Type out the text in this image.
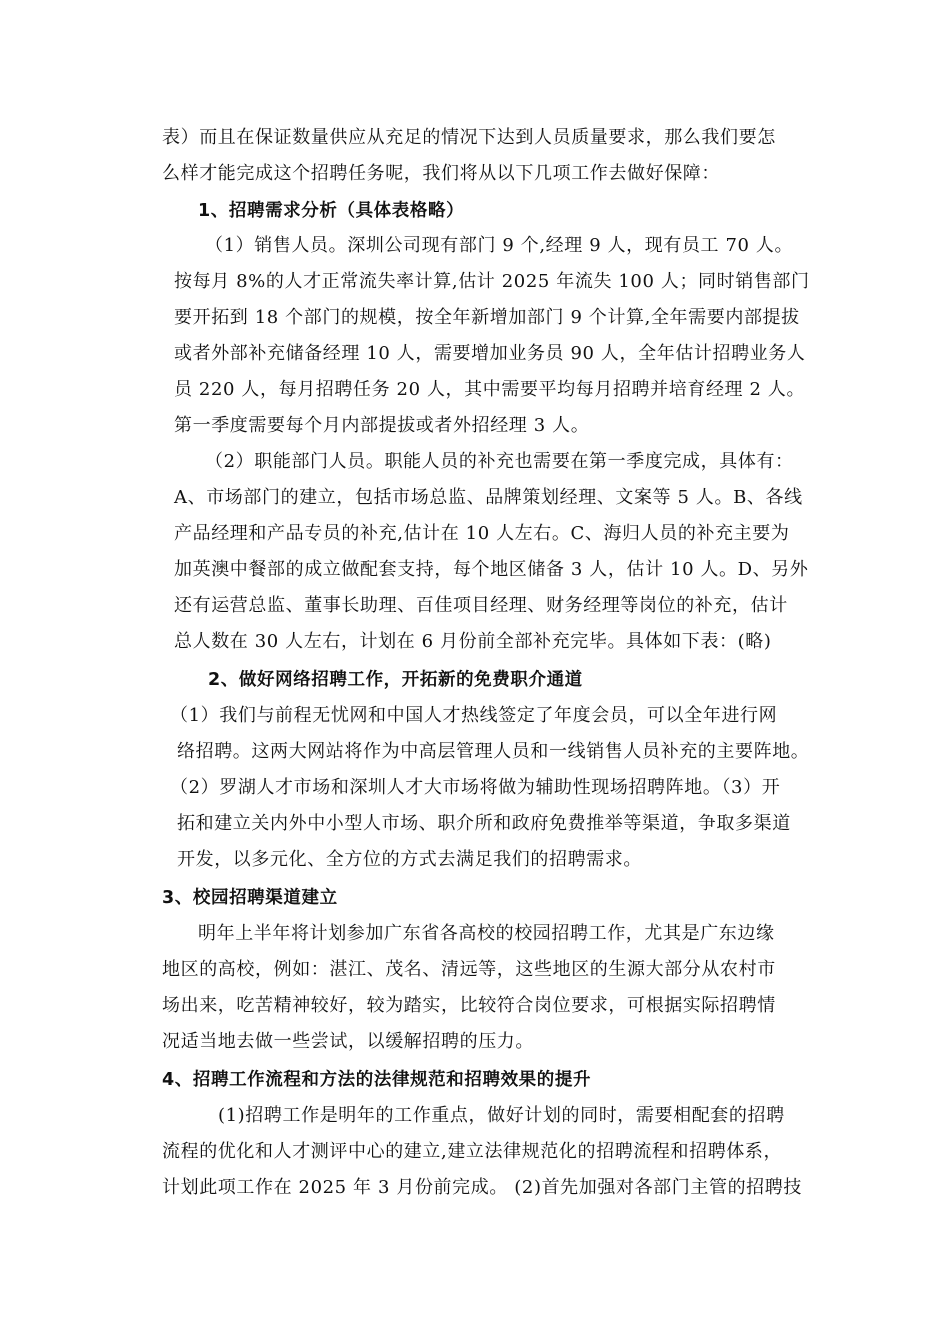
表）而且在保证数量供应从充足的情况下达到人员质量要求，那么我们要怎
么样才能完成这个招聘任务呢，我们将从以下几项工作去做好保障：
1、招聘需求分析（具体表格略）
（1）销售人员。深圳公司现有部门 9 个,经理 9 人，现有员工 70 人。
按每月 8%的人才正常流失率计算,估计 2025 年流失 100 人；同时销售部门
要开拓到 18 个部门的规模，按全年新增加部门 9 个计算,全年需要内部提拔
或者外部补充储备经理 10 人，需要增加业务员 90 人，全年估计招聘业务人
员 220 人，每月招聘任务 20 人，其中需要平均每月招聘并培育经理 2 人。
第一季度需要每个月内部提拔或者外招经理 3 人。
（2）职能部门人员。职能人员的补充也需要在第一季度完成，具体有：
A、市场部门的建立，包括市场总监、品牌策划经理、文案等 5 人。B、各线
产品经理和产品专员的补充,估计在 10 人左右。C、海归人员的补充主要为
加英澳中餐部的成立做配套支持，每个地区储备 3 人，估计 10 人。D、另外
还有运营总监、董事长助理、百佳项目经理、财务经理等岗位的补充，估计
总人数在 30 人左右，计划在 6 月份前全部补充完毕。具体如下表：(略)
2、做好网络招聘工作，开拓新的免费职介通道
（1）我们与前程无忧网和中国人才热线签定了年度会员，可以全年进行网
络招聘。这两大网站将作为中高层管理人员和一线销售人员补充的主要阵地。
（2）罗湖人才市场和深圳人才大市场将做为辅助性现场招聘阵地。（3）开
拓和建立关内外中小型人市场、职介所和政府免费推举等渠道，争取多渠道
开发，以多元化、全方位的方式去满足我们的招聘需求。
3、校园招聘渠道建立
明年上半年将计划参加广东省各高校的校园招聘工作，尤其是广东边缘
地区的高校，例如：湛江、茂名、清远等，这些地区的生源大部分从农村市
场出来，吃苦精神较好，较为踏实，比较符合岗位要求，可根据实际招聘情
况适当地去做一些尝试，以缓解招聘的压力。
4、招聘工作流程和方法的法律规范和招聘效果的提升
(1)招聘工作是明年的工作重点，做好计划的同时，需要相配套的招聘
流程的优化和人才测评中心的建立,建立法律规范化的招聘流程和招聘体系，
计划此项工作在 2025 年 3 月份前完成。 (2)首先加强对各部门主管的招聘技
